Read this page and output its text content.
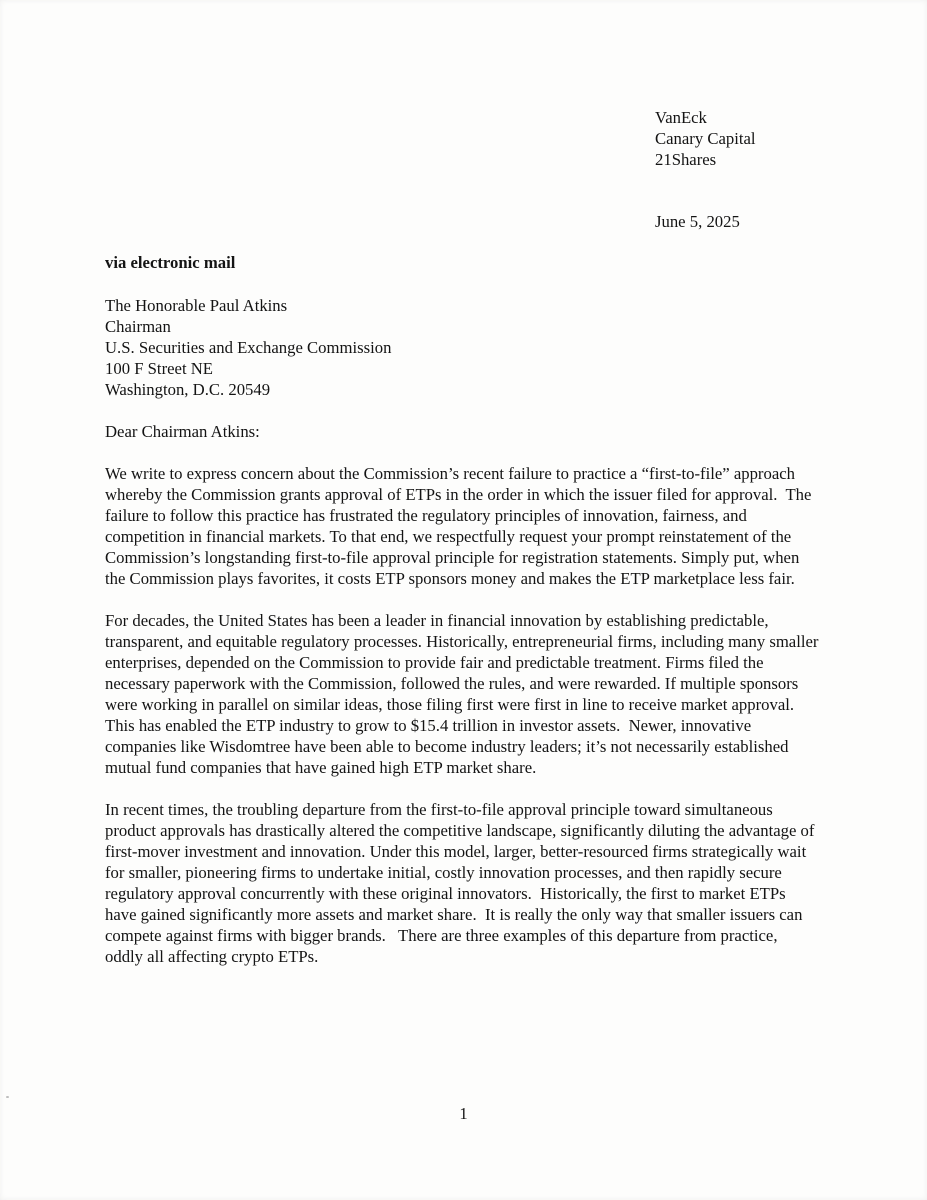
VanEck
Canary Capital
21Shares
June 5, 2025
via electronic mail
The Honorable Paul Atkins
Chairman
U.S. Securities and Exchange Commission
100 F Street NE
Washington, D.C. 20549
Dear Chairman Atkins:

We write to express concern about the Commission’s recent failure to practice a “first-to-file” approach whereby the Commission grants approval of ETPs in the order in which the issuer filed for approval.  The failure to follow this practice has frustrated the regulatory principles of innovation, fairness, and competition in financial markets. To that end, we respectfully request your prompt reinstatement of the Commission’s longstanding first-to-file approval principle for registration statements. Simply put, when the Commission plays favorites, it costs ETP sponsors money and makes the ETP marketplace less fair.

For decades, the United States has been a leader in financial innovation by establishing predictable, transparent, and equitable regulatory processes. Historically, entrepreneurial firms, including many smaller enterprises, depended on the Commission to provide fair and predictable treatment. Firms filed the necessary paperwork with the Commission, followed the rules, and were rewarded. If multiple sponsors were working in parallel on similar ideas, those filing first were first in line to receive market approval.   This has enabled the ETP industry to grow to $15.4 trillion in investor assets.  Newer, innovative companies like Wisdomtree have been able to become industry leaders; it’s not necessarily established mutual fund companies that have gained high ETP market share.

In recent times, the troubling departure from the first-to-file approval principle toward simultaneous product approvals has drastically altered the competitive landscape, significantly diluting the advantage of first-mover investment and innovation. Under this model, larger, better-resourced firms strategically wait for smaller, pioneering firms to undertake initial, costly innovation processes, and then rapidly secure regulatory approval concurrently with these original innovators.  Historically, the first to market ETPs have gained significantly more assets and market share.  It is really the only way that smaller issuers can compete against firms with bigger brands.   There are three examples of this departure from practice, oddly all affecting crypto ETPs.

1
